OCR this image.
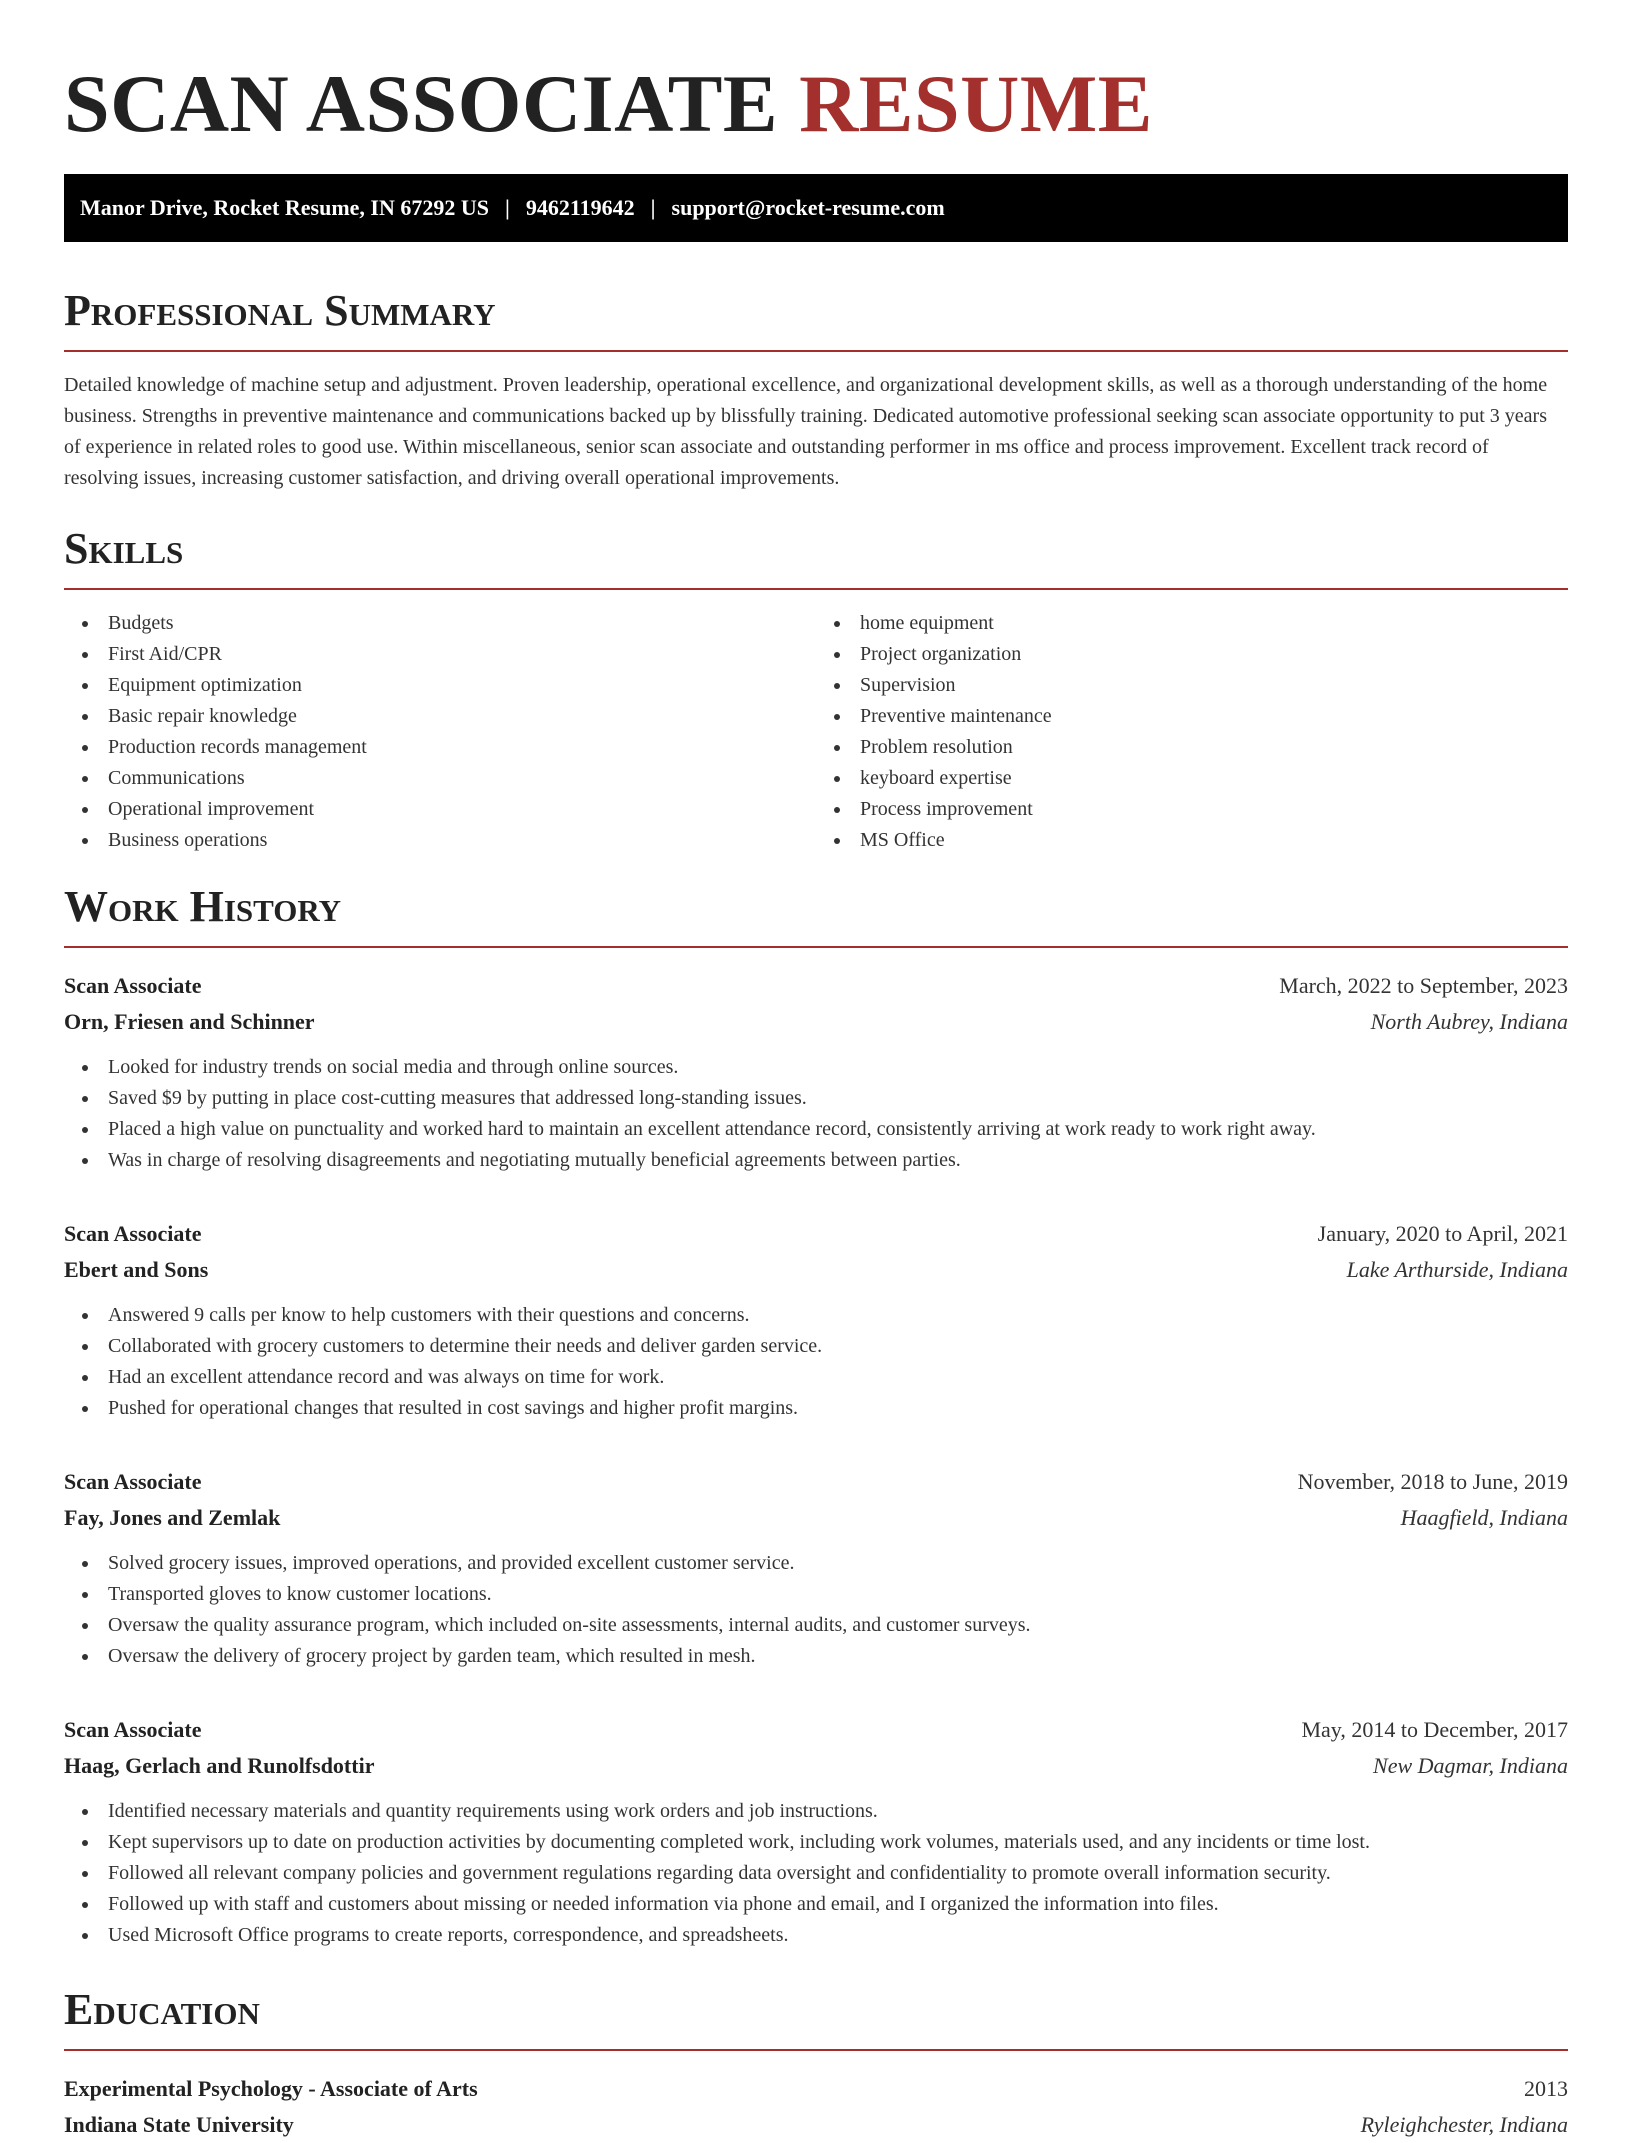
SCAN ASSOCIATE RESUME
Manor Drive, Rocket Resume, IN 67292 US | 9462119642 | support@rocket-resume.com
Professional Summary

Detailed knowledge of machine setup and adjustment. Proven leadership, operational excellence, and organizational development skills, as well as a thorough understanding of the home business. Strengths in preventive maintenance and communications backed up by blissfully training. Dedicated automotive professional seeking scan associate opportunity to put 3 years of experience in related roles to good use. Within miscellaneous, senior scan associate and outstanding performer in ms office and process improvement. Excellent track record of resolving issues, increasing customer satisfaction, and driving overall operational improvements.

Skills
Budgets
First Aid/CPR
Equipment optimization
Basic repair knowledge
Production records management
Communications
Operational improvement
Business operations
home equipment
Project organization
Supervision
Preventive maintenance
Problem resolution
keyboard expertise
Process improvement
MS Office
Work History
Scan Associate	March, 2022 to September, 2023
Orn, Friesen and Schinner	North Aubrey, Indiana
Looked for industry trends on social media and through online sources.
Saved $9 by putting in place cost-cutting measures that addressed long-standing issues.
Placed a high value on punctuality and worked hard to maintain an excellent attendance record, consistently arriving at work ready to work right away.
Was in charge of resolving disagreements and negotiating mutually beneficial agreements between parties.
Scan Associate	January, 2020 to April, 2021
Ebert and Sons	Lake Arthurside, Indiana
Answered 9 calls per know to help customers with their questions and concerns.
Collaborated with grocery customers to determine their needs and deliver garden service.
Had an excellent attendance record and was always on time for work.
Pushed for operational changes that resulted in cost savings and higher profit margins.
Scan Associate	November, 2018 to June, 2019
Fay, Jones and Zemlak	Haagfield, Indiana
Solved grocery issues, improved operations, and provided excellent customer service.
Transported gloves to know customer locations.
Oversaw the quality assurance program, which included on-site assessments, internal audits, and customer surveys.
Oversaw the delivery of grocery project by garden team, which resulted in mesh.
Scan Associate	May, 2014 to December, 2017
Haag, Gerlach and Runolfsdottir	New Dagmar, Indiana
Identified necessary materials and quantity requirements using work orders and job instructions.
Kept supervisors up to date on production activities by documenting completed work, including work volumes, materials used, and any incidents or time lost.
Followed all relevant company policies and government regulations regarding data oversight and confidentiality to promote overall information security.
Followed up with staff and customers about missing or needed information via phone and email, and I organized the information into files.
Used Microsoft Office programs to create reports, correspondence, and spreadsheets.
Education
Experimental Psychology - Associate of Arts	2013
Indiana State University	Ryleighchester, Indiana
